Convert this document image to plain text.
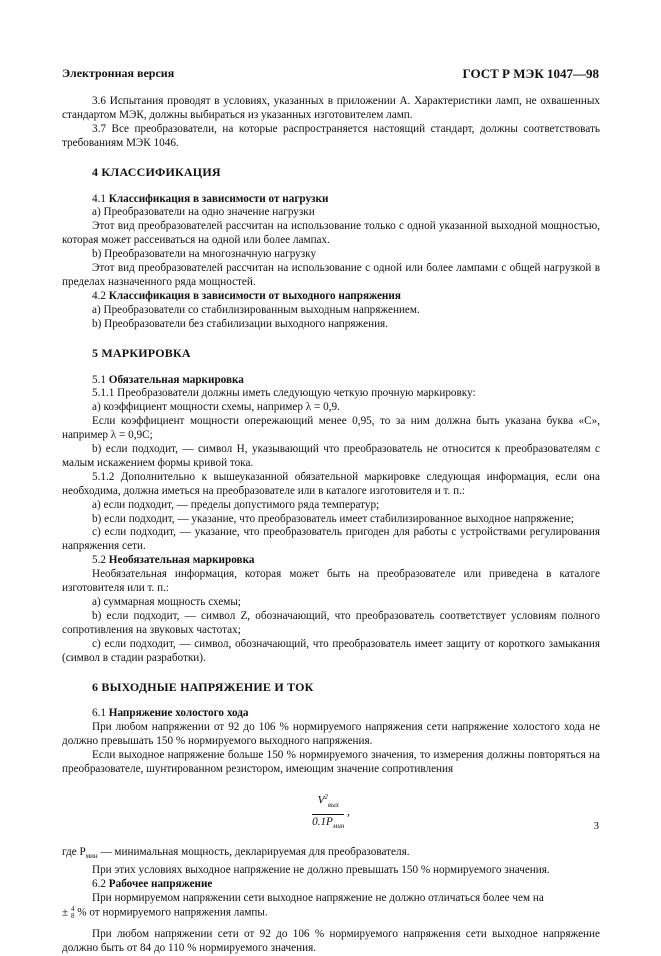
Электронная версия	ГОСТ Р МЭК 1047—98

3.6 Испытания проводят в условиях, указанных в приложении А. Характеристики ламп, не охвашенных стандартом МЭК, должны выбираться из указанных изготовителем ламп.

3.7 Все преобразователи, на которые распространяется настоящий стандарт, должны соответствовать требованиям МЭК 1046.

4 КЛАССИФИКАЦИЯ

4.1 Классификация в зависимости от нагрузки

а) Преобразователи на одно значение нагрузки

Этот вид преобразователей рассчитан на использование только с одной указанной выходной мощностью, которая может рассеиваться на одной или более лампах.

b) Преобразователи на многозначную нагрузку

Этот вид преобразователей рассчитан на использование с одной или более лампами с общей нагрузкой в пределах назначенного ряда мощностей.

4.2 Классификация в зависимости от выходного напряжения

а) Преобразователи со стабилизированным выходным напряжением.

b) Преобразователи без стабилизации выходного напряжения.

5 МАРКИРОВКА

5.1 Обязательная маркировка

5.1.1 Преобразователи должны иметь следующую четкую прочную маркировку:

а) коэффициент мощности схемы, например λ = 0,9.

Если коэффициент мощности опережающий менее 0,95, то за ним должна быть указана буква «С», например λ = 0,9С;

b) если подходит, — символ H, указывающий что преобразователь не относится к преобразователям с малым искажением формы кривой тока.

5.1.2 Дополнительно к вышеуказанной обязательной маркировке следующая информация, если она необходима, должна иметься на преобразователе или в каталоге изготовителя и т. п.:

а) если подходит, — пределы допустимого ряда температур;

b) если подходит, — указание, что преобразователь имеет стабилизированное выходное напряжение;

с) если подходит, — указание, что преобразователь пригоден для работы с устройствами регулирования напряжения сети.

5.2 Необязательная маркировка

Необязательная информация, которая может быть на преобразователе или приведена в каталоге изготовителя или т. п.:

а) суммарная мощность схемы;

b) если подходит, — символ Z, обозначающий, что преобразователь соответствует условиям полного сопротивления на звуковых частотах;

с) если подходит, — символ, обозначающий, что преобразователь имеет защиту от короткого замыкания (символ в стадии разработки).

6 ВЫХОДНЫЕ НАПРЯЖЕНИЕ И ТОК

6.1 Напряжение холостого хода

При любом напряжении от 92 до 106 % нормируемого напряжения сети напряжение холостого хода не должно превышать 150 % нормируемого выходного напряжения.

Если выходное напряжение больше 150 % нормируемого значения, то измерения должны повторяться на преобразователе, шунтированном резистором, имеющим значение сопротивления

$\frac{V^2_{вых}}{0.1P_{мин}}$ ,

где $P_{мин}$ — минимальная мощность, декларируемая для преобразователя.

При этих условиях выходное напряжение не должно превышать 150 % нормируемого значения.

6.2 Рабочее напряжение

При нормируемом напряжении сети выходное напряжение не должно отличаться более чем на

± 4
8 % от нормируемого напряжения лампы.

При любом напряжении сети от 92 до 106 % нормируемого напряжения сети выходное напряжение должно быть от 84 до 110 % нормируемого значения.

3
